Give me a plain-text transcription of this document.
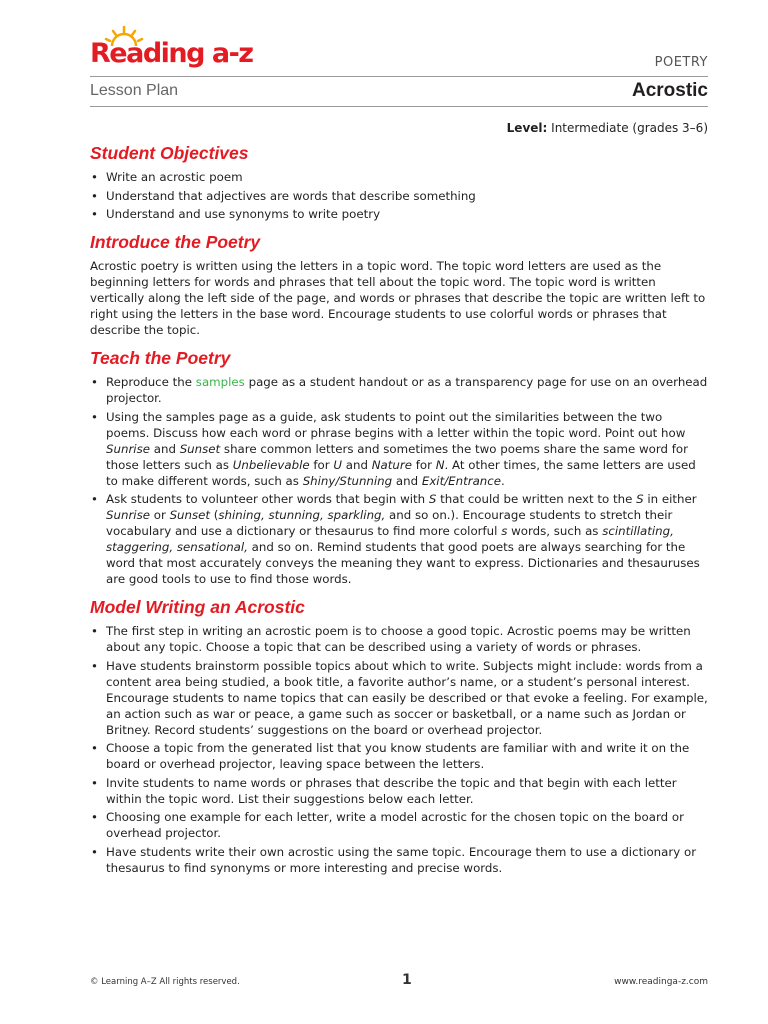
Reading a-z	POETRY
Lesson Plan	Acrostic
Level: Intermediate (grades 3–6)
Student Objectives
• Write an acrostic poem
• Understand that adjectives are words that describe something
• Understand and use synonyms to write poetry
Introduce the Poetry

Acrostic poetry is written using the letters in a topic word. The topic word letters are used as the beginning letters for words and phrases that tell about the topic word. The topic word is written vertically along the left side of the page, and words or phrases that describe the topic are written left to right using the letters in the base word. Encourage students to use colorful words or phrases that describe the topic.

Teach the Poetry
• Reproduce the samples page as a student handout or as a transparency page for use on an overhead projector.
• Using the samples page as a guide, ask students to point out the similarities between the two poems. Discuss how each word or phrase begins with a letter within the topic word. Point out how Sunrise and Sunset share common letters and sometimes the two poems share the same word for those letters such as Unbelievable for U and Nature for N. At other times, the same letters are used to make different words, such as Shiny/Stunning and Exit/Entrance.
• Ask students to volunteer other words that begin with S that could be written next to the S in either Sunrise or Sunset (shining, stunning, sparkling, and so on.). Encourage students to stretch their vocabulary and use a dictionary or thesaurus to find more colorful s words, such as scintillating, staggering, sensational, and so on. Remind students that good poets are always searching for the word that most accurately conveys the meaning they want to express. Dictionaries and thesauruses are good tools to use to find those words.
Model Writing an Acrostic
• The first step in writing an acrostic poem is to choose a good topic. Acrostic poems may be written about any topic. Choose a topic that can be described using a variety of words or phrases.
• Have students brainstorm possible topics about which to write. Subjects might include: words from a content area being studied, a book title, a favorite author’s name, or a student’s personal interest. Encourage students to name topics that can easily be described or that evoke a feeling. For example, an action such as war or peace, a game such as soccer or basketball, or a name such as Jordan or Britney. Record students’ suggestions on the board or overhead projector.
• Choose a topic from the generated list that you know students are familiar with and write it on the board or overhead projector, leaving space between the letters.
• Invite students to name words or phrases that describe the topic and that begin with each letter within the topic word. List their suggestions below each letter.
• Choosing one example for each letter, write a model acrostic for the chosen topic on the board or overhead projector.
• Have students write their own acrostic using the same topic. Encourage them to use a dictionary or thesaurus to find synonyms or more interesting and precise words.
© Learning A–Z All rights reserved.	1	www.readinga-z.com
